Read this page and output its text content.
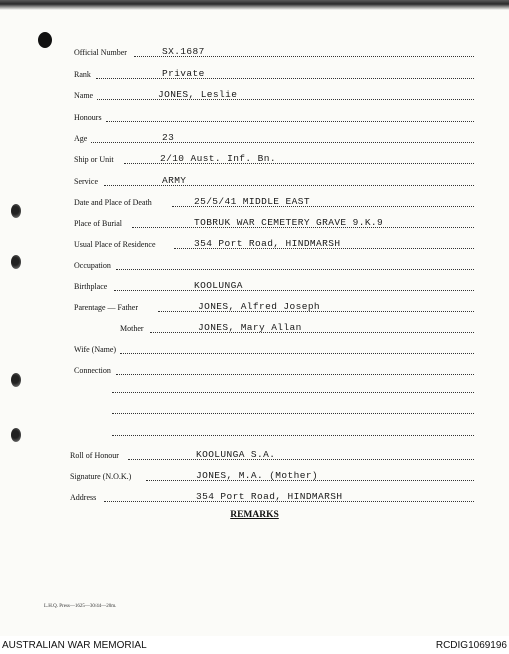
Official Number	SX.1687
Rank	Private
Name	JONES, Leslie
Honours
Age	23
Ship or Unit	2/10 Aust. Inf. Bn.
Service	ARMY
Date and Place of Death	25/5/41 MIDDLE EAST
Place of Burial	TOBRUK WAR CEMETERY GRAVE 9.K.9
Usual Place of Residence	354 Port Road, HINDMARSH
Occupation
Birthplace	KOOLUNGA
Parentage — Father	JONES, Alfred Joseph
Mother	JONES, Mary Allan
Wife (Name)
Connection
Roll of Honour	KOOLUNGA S.A.
Signature (N.O.K.)	JONES, M.A. (Mother)
Address	354 Port Road, HINDMARSH
REMARKS
L.H.Q. Press—1625—30/44—20m.
AUSTRALIAN WAR MEMORIAL	RCDIG1069196
